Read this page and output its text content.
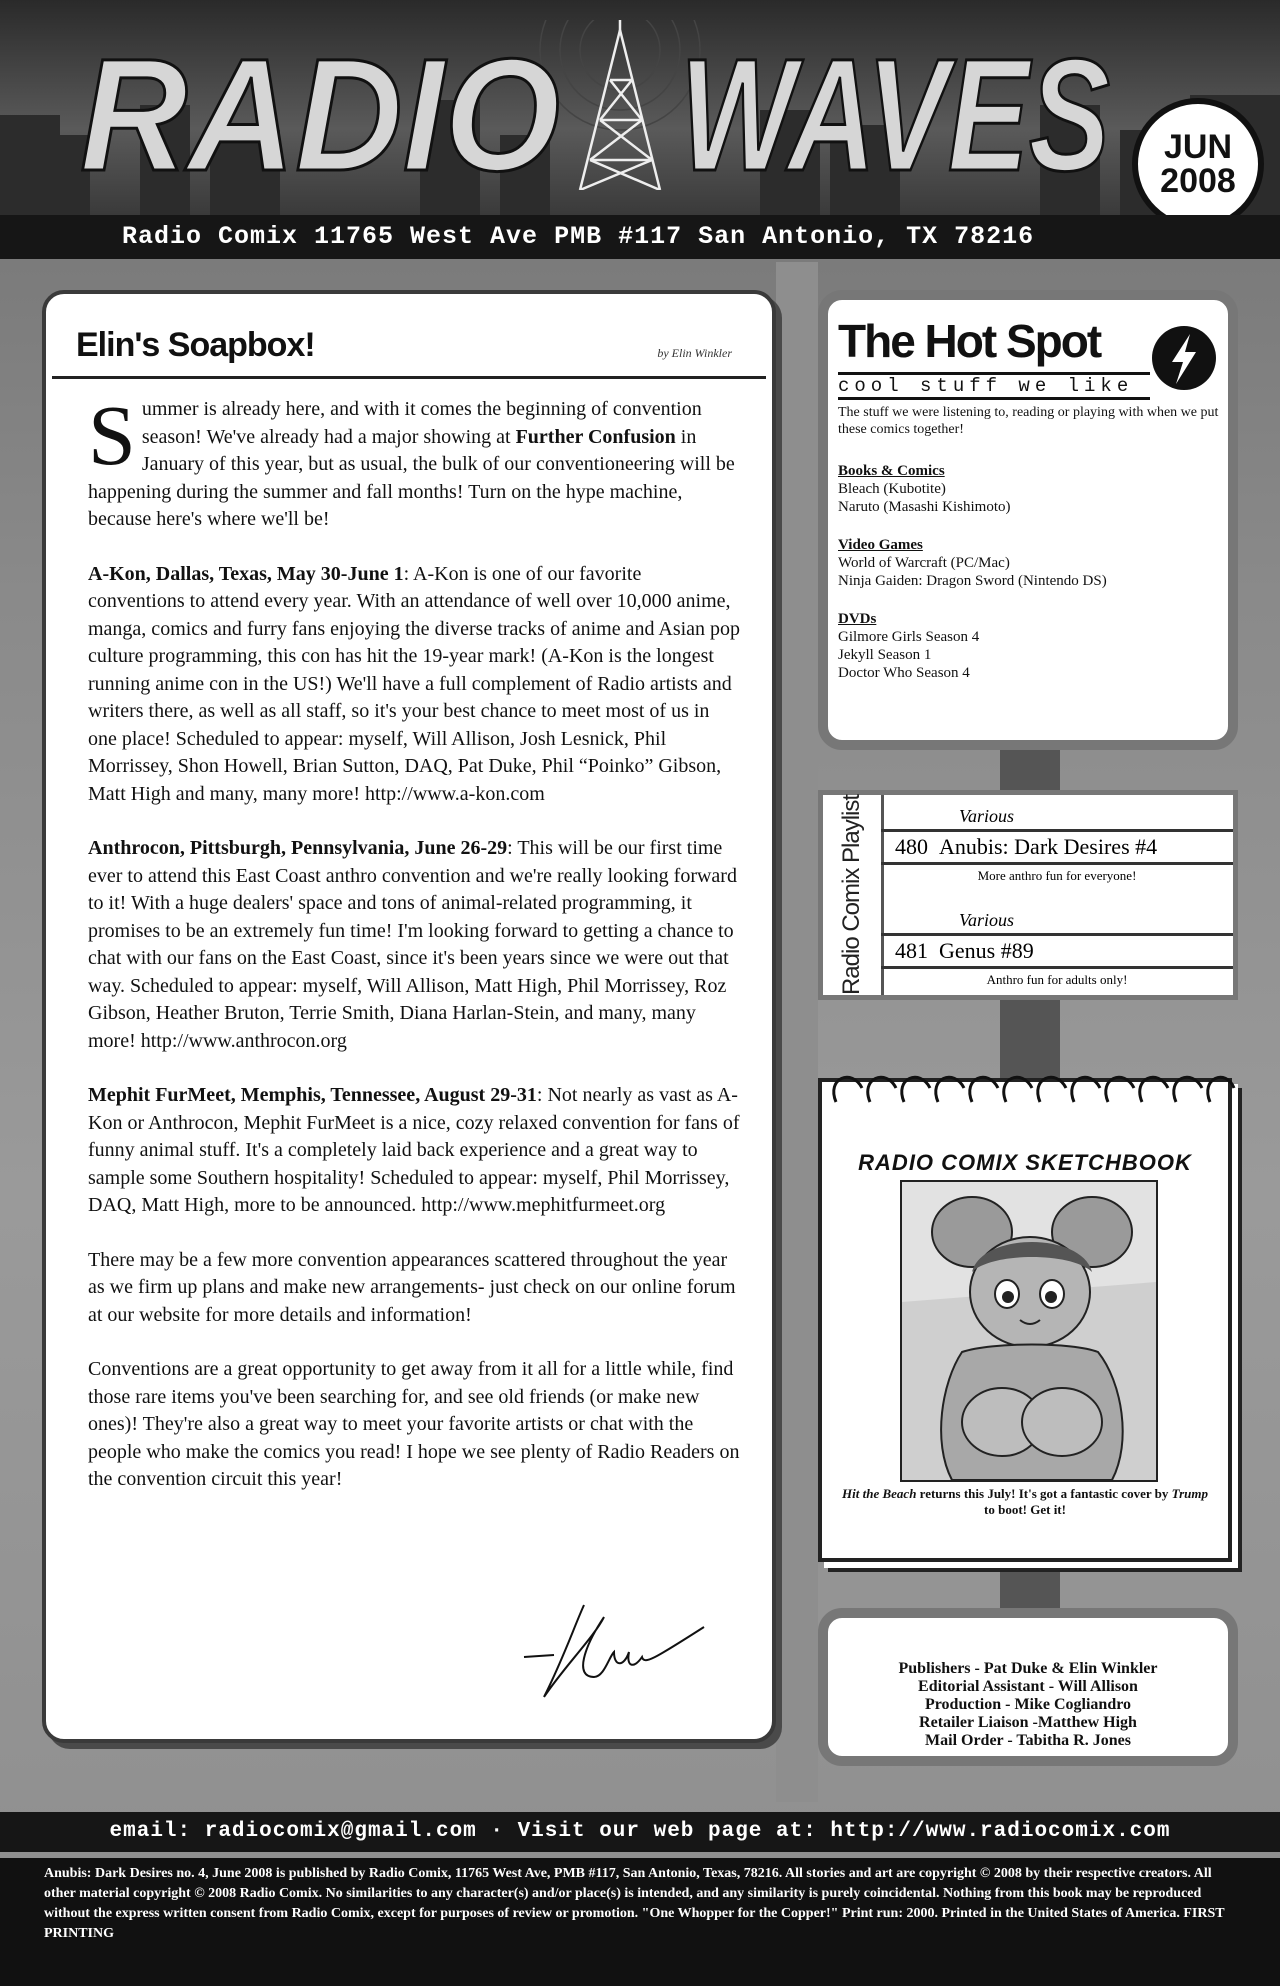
RADIO WAVES	JUN
2008
Radio Comix 11765 West Ave PMB #117 San Antonio, TX 78216
Elin's Soapbox!	by Elin Winkler

Summer is already here, and with it comes the beginning of convention season! We've already had a major showing at Further Confusion in January of this year, but as usual, the bulk of our conventioneering will be happening during the summer and fall months! Turn on the hype machine, because here's where we'll be!

A-Kon, Dallas, Texas, May 30-June 1: A-Kon is one of our favorite conventions to attend every year. With an attendance of well over 10,000 anime, manga, comics and furry fans enjoying the diverse tracks of anime and Asian pop culture programming, this con has hit the 19-year mark! (A-Kon is the longest running anime con in the US!) We'll have a full complement of Radio artists and writers there, as well as all staff, so it's your best chance to meet most of us in one place! Scheduled to appear: myself, Will Allison, Josh Lesnick, Phil Morrissey, Shon Howell, Brian Sutton, DAQ, Pat Duke, Phil “Poinko” Gibson, Matt High and many, many more! http://www.a-kon.com

Anthrocon, Pittsburgh, Pennsylvania, June 26-29: This will be our first time ever to attend this East Coast anthro convention and we're really looking forward to it! With a huge dealers' space and tons of animal-related programming, it promises to be an extremely fun time! I'm looking forward to getting a chance to chat with our fans on the East Coast, since it's been years since we were out that way. Scheduled to appear: myself, Will Allison, Matt High, Phil Morrissey, Roz Gibson, Heather Bruton, Terrie Smith, Diana Harlan-Stein, and many, many more! http://www.anthrocon.org

Mephit FurMeet, Memphis, Tennessee, August 29-31: Not nearly as vast as A-Kon or Anthrocon, Mephit FurMeet is a nice, cozy relaxed convention for fans of funny animal stuff. It's a completely laid back experience and a great way to sample some Southern hospitality! Scheduled to appear: myself, Phil Morrissey, DAQ, Matt High, more to be announced. http://www.mephitfurmeet.org

There may be a few more convention appearances scattered throughout the year as we firm up plans and make new arrangements- just check on our online forum at our website for more details and information!

Conventions are a great opportunity to get away from it all for a little while, find those rare items you've been searching for, and see old friends (or make new ones)! They're also a great way to meet your favorite artists or chat with the people who make the comics you read! I hope we see plenty of Radio Readers on the convention circuit this year!

The Hot Spot
cool stuff we like
The stuff we were listening to, reading or playing with when we put these comics together!
Books & Comics
Bleach (Kubotite)
Naruto (Masashi Kishimoto)
Video Games
World of Warcraft (PC/Mac)
Ninja Gaiden: Dragon Sword (Nintendo DS)
DVDs
Gilmore Girls Season 4
Jekyll Season 1
Doctor Who Season 4
Radio Comix Playlist	Various
480 Anubis: Dark Desires #4
More anthro fun for everyone!
Various
481 Genus #89
Anthro fun for adults only!
RADIO COMIX SKETCHBOOK
Hit the Beach returns this July! It's got a fantastic cover by Trump to boot! Get it!
Publishers - Pat Duke & Elin Winkler
Editorial Assistant - Will Allison
Production - Mike Cogliandro
Retailer Liaison -Matthew High
Mail Order - Tabitha R. Jones
email: radiocomix@gmail.com · Visit our web page at: http://www.radiocomix.com
Anubis: Dark Desires no. 4, June 2008 is published by Radio Comix, 11765 West Ave, PMB #117, San Antonio, Texas, 78216. All stories and art are copyright © 2008 by their respective creators. All other material copyright © 2008 Radio Comix. No similarities to any character(s) and/or place(s) is intended, and any similarity is purely coincidental. Nothing from this book may be reproduced without the express written consent from Radio Comix, except for purposes of review or promotion. "One Whopper for the Copper!" Print run: 2000. Printed in the United States of America. FIRST PRINTING
